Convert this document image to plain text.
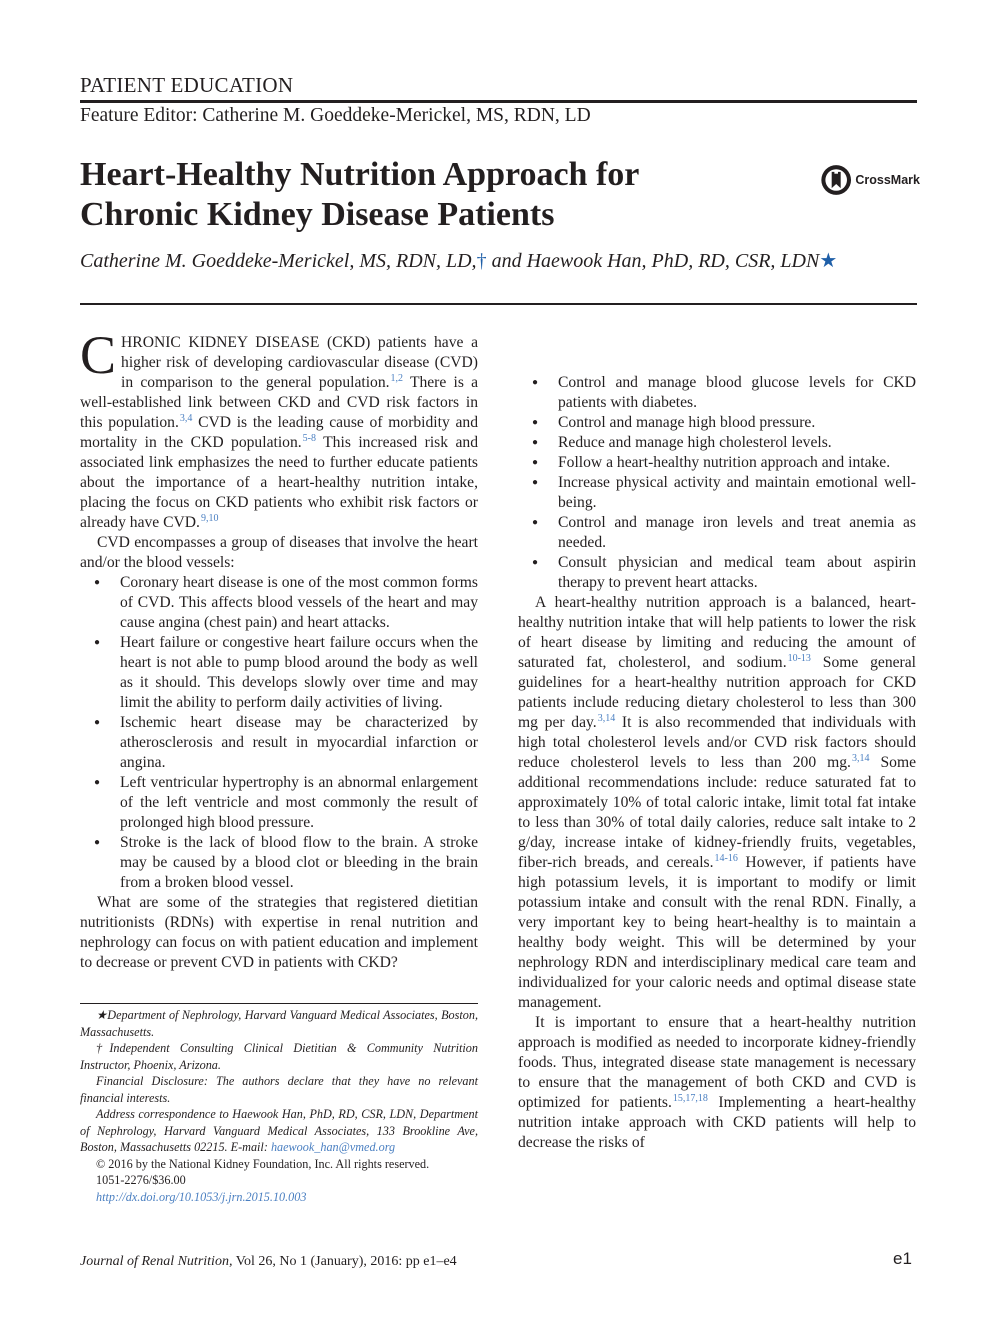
PATIENT EDUCATION
Feature Editor: Catherine M. Goeddeke-Merickel, MS, RDN, LD
Heart-Healthy Nutrition Approach for Chronic Kidney Disease Patients
CrossMark
Catherine M. Goeddeke-Merickel, MS, RDN, LD,† and Haewook Han, PhD, RD, CSR, LDN★

CHRONIC KIDNEY DISEASE (CKD) patients have a higher risk of developing cardiovascular disease (CVD) in comparison to the general population.$^{1,2}$ There is a well-established link between CKD and CVD risk factors in this population.$^{3,4}$ CVD is the leading cause of morbidity and mortality in the CKD population.$^{5-8}$ This increased risk and associated link emphasizes the need to further educate patients about the importance of a heart-healthy nutrition intake, placing the focus on CKD patients who exhibit risk factors or already have CVD.$^{9,10}$

CVD encompasses a group of diseases that involve the heart and/or the blood vessels:

● Coronary heart disease is one of the most common forms of CVD. This affects blood vessels of the heart and may cause angina (chest pain) and heart attacks.
● Heart failure or congestive heart failure occurs when the heart is not able to pump blood around the body as well as it should. This develops slowly over time and may limit the ability to perform daily activities of living.
● Ischemic heart disease may be characterized by atherosclerosis and result in myocardial infarction or angina.
● Left ventricular hypertrophy is an abnormal enlargement of the left ventricle and most commonly the result of prolonged high blood pressure.
● Stroke is the lack of blood flow to the brain. A stroke may be caused by a blood clot or bleeding in the brain from a broken blood vessel.

What are some of the strategies that registered dietitian nutritionists (RDNs) with expertise in renal nutrition and nephrology can focus on with patient education and implement to decrease or prevent CVD in patients with CKD?

● Control and manage blood glucose levels for CKD patients with diabetes.
● Control and manage high blood pressure.
● Reduce and manage high cholesterol levels.
● Follow a heart-healthy nutrition approach and intake.
● Increase physical activity and maintain emotional well-being.
● Control and manage iron levels and treat anemia as needed.
● Consult physician and medical team about aspirin therapy to prevent heart attacks.

A heart-healthy nutrition approach is a balanced, heart-healthy nutrition intake that will help patients to lower the risk of heart disease by limiting and reducing the amount of saturated fat, cholesterol, and sodium.$^{10-13}$ Some general guidelines for a heart-healthy nutrition approach for CKD patients include reducing dietary cholesterol to less than 300 mg per day.$^{3,14}$ It is also recommended that individuals with high total cholesterol levels and/or CVD risk factors should reduce cholesterol levels to less than 200 mg.$^{3,14}$ Some additional recommendations include: reduce saturated fat to approximately 10% of total caloric intake, limit total fat intake to less than 30% of total daily calories, reduce salt intake to 2 g/day, increase intake of kidney-friendly fruits, vegetables, fiber-rich breads, and cereals.$^{14-16}$ However, if patients have high potassium levels, it is important to modify or limit potassium intake and consult with the renal RDN. Finally, a very important key to being heart-healthy is to maintain a healthy body weight. This will be determined by your nephrology RDN and interdisciplinary medical care team and individualized for your caloric needs and optimal disease state management.

It is important to ensure that a heart-healthy nutrition approach is modified as needed to incorporate kidney-friendly foods. Thus, integrated disease state management is necessary to ensure that the management of both CKD and CVD is optimized for patients.$^{15,17,18}$ Implementing a heart-healthy nutrition intake approach with CKD patients will help to decrease the risks of

★Department of Nephrology, Harvard Vanguard Medical Associates, Boston, Massachusetts.

†Independent Consulting Clinical Dietitian & Community Nutrition Instructor, Phoenix, Arizona.

Financial Disclosure: The authors declare that they have no relevant financial interests.

Address correspondence to Haewook Han, PhD, RD, CSR, LDN, Department of Nephrology, Harvard Vanguard Medical Associates, 133 Brookline Ave, Boston, Massachusetts 02215. E-mail: haewook_han@vmed.org

© 2016 by the National Kidney Foundation, Inc. All rights reserved.

1051-2276/$36.00

http://dx.doi.org/10.1053/j.jrn.2015.10.003

Journal of Renal Nutrition, Vol 26, No 1 (January), 2016: pp e1–e4	e1
